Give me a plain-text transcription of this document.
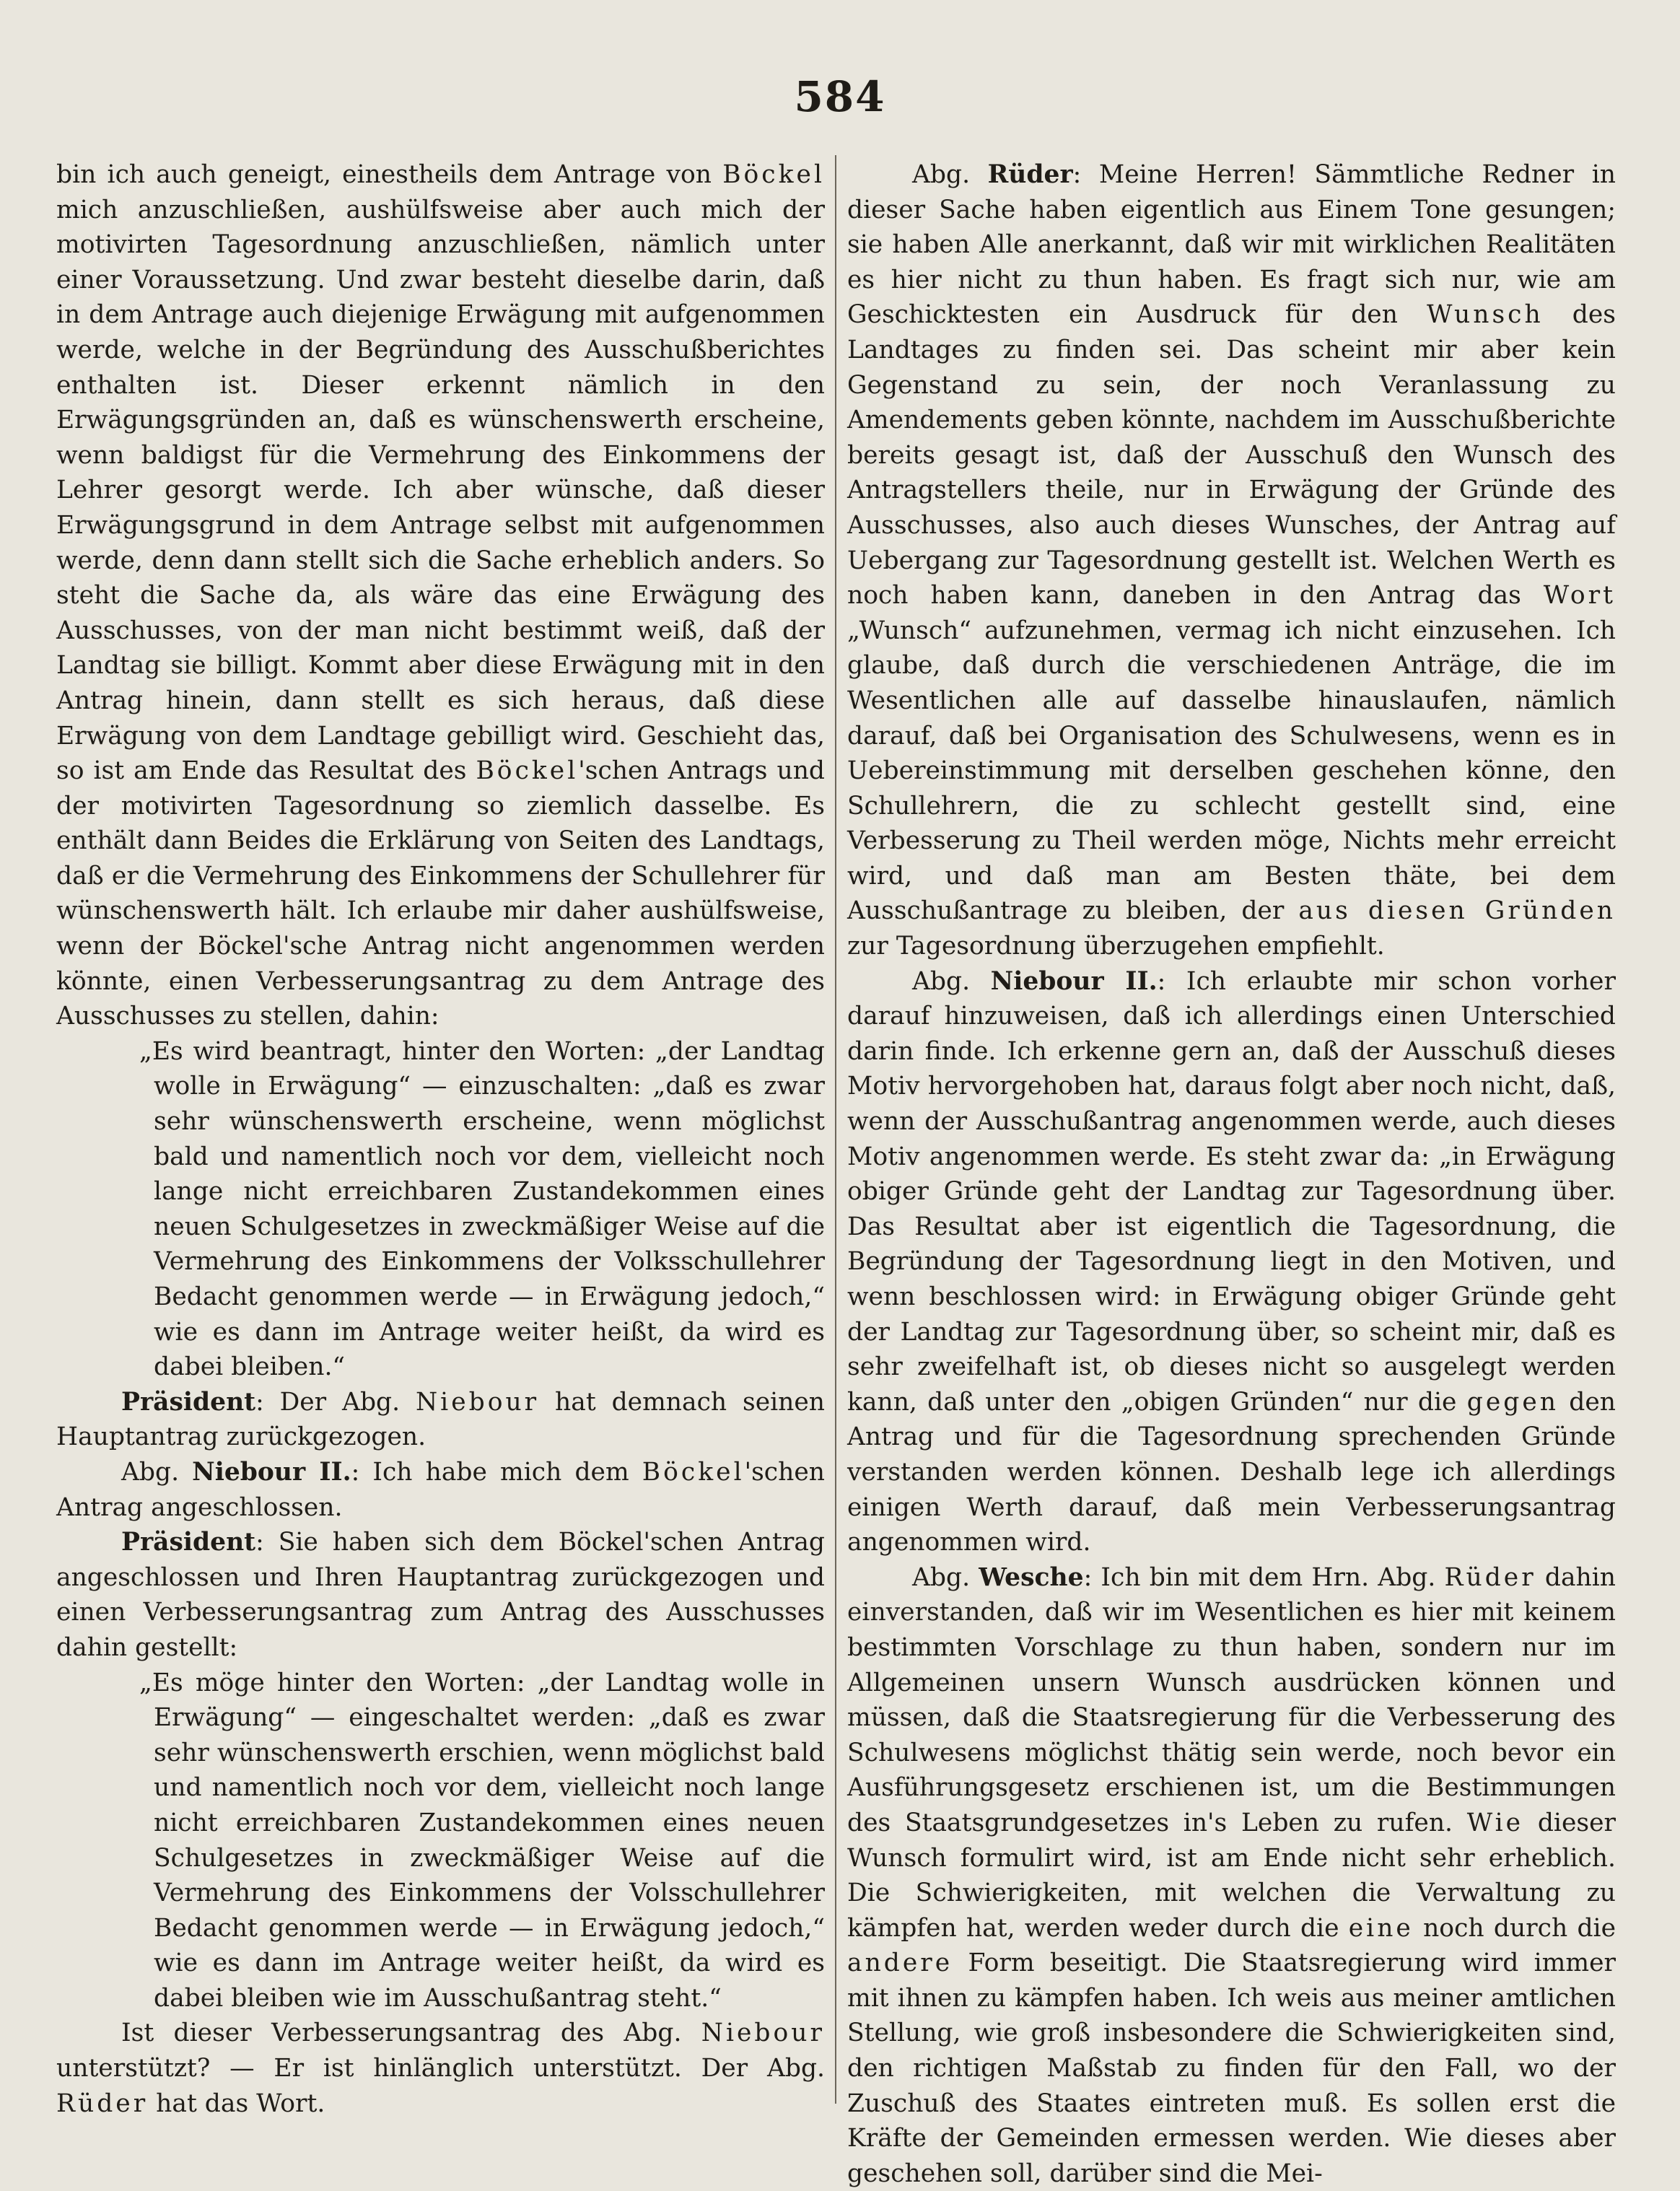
584

bin ich auch geneigt, einestheils dem Antrage von Böckel mich anzuschließen, aushülfsweise aber auch mich der motivirten Tagesordnung anzuschließen, nämlich unter einer Voraussetzung. Und zwar besteht dieselbe darin, daß in dem Antrage auch diejenige Erwägung mit aufgenommen werde, welche in der Begründung des Ausschußberichtes enthalten ist. Dieser erkennt nämlich in den Erwägungsgründen an, daß es wünschenswerth erscheine, wenn baldigst für die Vermehrung des Einkommens der Lehrer gesorgt werde. Ich aber wünsche, daß dieser Erwägungsgrund in dem Antrage selbst mit aufgenommen werde, denn dann stellt sich die Sache erheblich anders. So steht die Sache da, als wäre das eine Erwägung des Ausschusses, von der man nicht bestimmt weiß, daß der Landtag sie billigt. Kommt aber diese Erwägung mit in den Antrag hinein, dann stellt es sich heraus, daß diese Erwägung von dem Landtage gebilligt wird. Geschieht das, so ist am Ende das Resultat des Böckel'schen Antrags und der motivirten Tagesordnung so ziemlich dasselbe. Es enthält dann Beides die Erklärung von Seiten des Landtags, daß er die Vermehrung des Einkommens der Schullehrer für wünschenswerth hält. Ich erlaube mir daher aushülfsweise, wenn der Böckel'sche Antrag nicht angenommen werden könnte, einen Verbesserungsantrag zu dem Antrage des Ausschusses zu stellen, dahin:

„Es wird beantragt, hinter den Worten: „der Landtag wolle in Erwägung“ — einzuschalten: „daß es zwar sehr wünschenswerth erscheine, wenn möglichst bald und namentlich noch vor dem, vielleicht noch lange nicht erreichbaren Zustandekommen eines neuen Schulgesetzes in zweckmäßiger Weise auf die Vermehrung des Einkommens der Volksschullehrer Bedacht genommen werde — in Erwägung jedoch,“ wie es dann im Antrage weiter heißt, da wird es dabei bleiben.“

Präsident: Der Abg. Niebour hat demnach seinen Hauptantrag zurückgezogen.

Abg. Niebour II.: Ich habe mich dem Böckel'schen Antrag angeschlossen.

Präsident: Sie haben sich dem Böckel'schen Antrag angeschlossen und Ihren Hauptantrag zurückgezogen und einen Verbesserungsantrag zum Antrag des Ausschusses dahin gestellt:

„Es möge hinter den Worten: „der Landtag wolle in Erwägung“ — eingeschaltet werden: „daß es zwar sehr wünschenswerth erschien, wenn möglichst bald und namentlich noch vor dem, vielleicht noch lange nicht erreichbaren Zustandekommen eines neuen Schulgesetzes in zweckmäßiger Weise auf die Vermehrung des Einkommens der Volsschullehrer Bedacht genommen werde — in Erwägung jedoch,“ wie es dann im Antrage weiter heißt, da wird es dabei bleiben wie im Ausschußantrag steht.“

Ist dieser Verbesserungsantrag des Abg. Niebour unterstützt? — Er ist hinlänglich unterstützt. Der Abg. Rüder hat das Wort.

Abg. Rüder: Meine Herren! Sämmtliche Redner in dieser Sache haben eigentlich aus Einem Tone gesungen; sie haben Alle anerkannt, daß wir mit wirklichen Realitäten es hier nicht zu thun haben. Es fragt sich nur, wie am Geschicktesten ein Ausdruck für den Wunsch des Landtages zu finden sei. Das scheint mir aber kein Gegenstand zu sein, der noch Veranlassung zu Amendements geben könnte, nachdem im Ausschußberichte bereits gesagt ist, daß der Ausschuß den Wunsch des Antragstellers theile, nur in Erwägung der Gründe des Ausschusses, also auch dieses Wunsches, der Antrag auf Uebergang zur Tagesordnung gestellt ist. Welchen Werth es noch haben kann, daneben in den Antrag das Wort „Wunsch“ aufzunehmen, vermag ich nicht einzusehen. Ich glaube, daß durch die verschiedenen Anträge, die im Wesentlichen alle auf dasselbe hinauslaufen, nämlich darauf, daß bei Organisation des Schulwesens, wenn es in Uebereinstimmung mit derselben geschehen könne, den Schullehrern, die zu schlecht gestellt sind, eine Verbesserung zu Theil werden möge, Nichts mehr erreicht wird, und daß man am Besten thäte, bei dem Ausschußantrage zu bleiben, der aus diesen Gründen zur Tagesordnung überzugehen empfiehlt.

Abg. Niebour II.: Ich erlaubte mir schon vorher darauf hinzuweisen, daß ich allerdings einen Unterschied darin finde. Ich erkenne gern an, daß der Ausschuß dieses Motiv hervorgehoben hat, daraus folgt aber noch nicht, daß, wenn der Ausschußantrag angenommen werde, auch dieses Motiv angenommen werde. Es steht zwar da: „in Erwägung obiger Gründe geht der Landtag zur Tagesordnung über. Das Resultat aber ist eigentlich die Tagesordnung, die Begründung der Tagesordnung liegt in den Motiven, und wenn beschlossen wird: in Erwägung obiger Gründe geht der Landtag zur Tagesordnung über, so scheint mir, daß es sehr zweifelhaft ist, ob dieses nicht so ausgelegt werden kann, daß unter den „obigen Gründen“ nur die gegen den Antrag und für die Tagesordnung sprechenden Gründe verstanden werden können. Deshalb lege ich allerdings einigen Werth darauf, daß mein Verbesserungsantrag angenommen wird.

Abg. Wesche: Ich bin mit dem Hrn. Abg. Rüder dahin einverstanden, daß wir im Wesentlichen es hier mit keinem bestimmten Vorschlage zu thun haben, sondern nur im Allgemeinen unsern Wunsch ausdrücken können und müssen, daß die Staatsregierung für die Verbesserung des Schulwesens möglichst thätig sein werde, noch bevor ein Ausführungsgesetz erschienen ist, um die Bestimmungen des Staatsgrundgesetzes in's Leben zu rufen. Wie dieser Wunsch formulirt wird, ist am Ende nicht sehr erheblich. Die Schwierigkeiten, mit welchen die Verwaltung zu kämpfen hat, werden weder durch die eine noch durch die andere Form beseitigt. Die Staatsregierung wird immer mit ihnen zu kämpfen haben. Ich weis aus meiner amtlichen Stellung, wie groß insbesondere die Schwierigkeiten sind, den richtigen Maßstab zu finden für den Fall, wo der Zuschuß des Staates eintreten muß. Es sollen erst die Kräfte der Gemeinden ermessen werden. Wie dieses aber geschehen soll, darüber sind die Mei-
